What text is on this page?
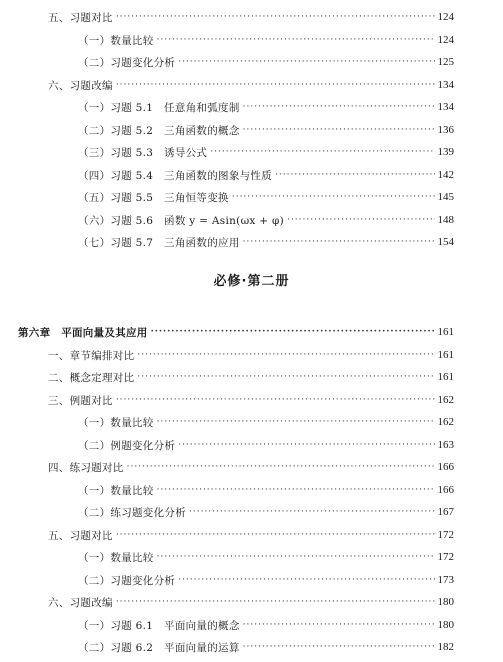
五、习题对比 ·····	124
（一）数量比较 ·····	124
（二）习题变化分析 ·····	125
六、习题改编 ·····	134
（一）习题 5.1　任意角和弧度制 ·····	134
（二）习题 5.2　三角函数的概念 ·····	136
（三）习题 5.3　诱导公式 ·····	139
（四）习题 5.4　三角函数的图象与性质 ·····	142
（五）习题 5.5　三角恒等变换 ·····	145
（六）习题 5.6　函数 y = Asin(ωx + φ) ·····	148
（七）习题 5.7　三角函数的应用 ·····	154
必修·第二册
第六章　平面向量及其应用 ·····	161
一、章节编排对比 ·····	161
二、概念定理对比 ·····	161
三、例题对比 ·····	162
（一）数量比较 ·····	162
（二）例题变化分析 ·····	163
四、练习题对比 ·····	166
（一）数量比较 ·····	166
（二）练习题变化分析 ·····	167
五、习题对比 ·····	172
（一）数量比较 ·····	172
（二）习题变化分析 ·····	173
六、习题改编 ·····	180
（一）习题 6.1　平面向量的概念 ·····	180
（二）习题 6.2　平面向量的运算 ·····	182
